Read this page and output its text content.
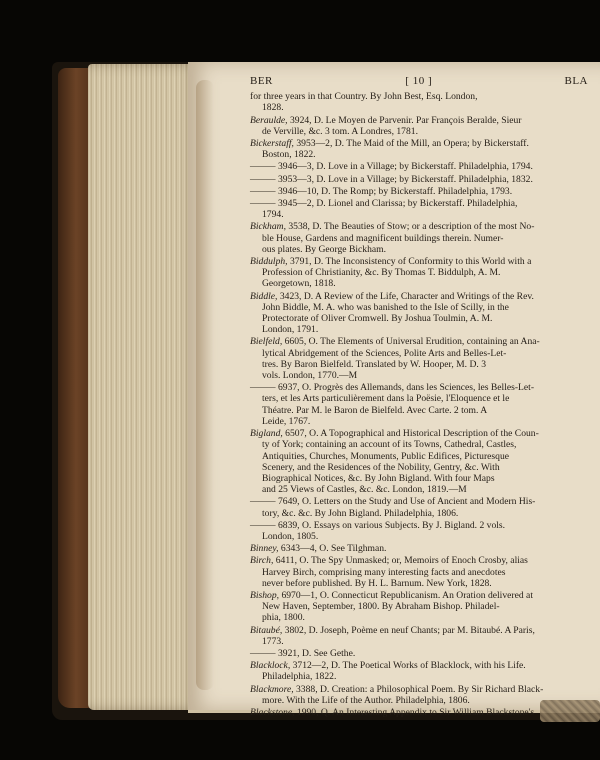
BER	[ 10 ]	BLA
for three years in that Country. By John Best, Esq. London,
1828.
Beraulde, 3924, D. Le Moyen de Parvenir. Par François Beralde, Sieur
de Verville, &c. 3 tom. A Londres, 1781.
Bickerstaff, 3953—2, D. The Maid of the Mill, an Opera; by Bickerstaff.
Boston, 1822.
——— 3946—3, D. Love in a Village; by Bickerstaff. Philadelphia, 1794.
——— 3953—3, D. Love in a Village; by Bickerstaff. Philadelphia, 1832.
——— 3946—10, D. The Romp; by Bickerstaff. Philadelphia, 1793.
——— 3945—2, D. Lionel and Clarissa; by Bickerstaff. Philadelphia,
1794.
Bickham, 3538, D. The Beauties of Stow; or a description of the most No-
ble House, Gardens and magnificent buildings therein. Numer-
ous plates. By George Bickham.
Biddulph, 3791, D. The Inconsistency of Conformity to this World with a
Profession of Christianity, &c. By Thomas T. Biddulph, A. M.
Georgetown, 1818.
Biddle, 3423, D. A Review of the Life, Character and Writings of the Rev.
John Biddle, M. A. who was banished to the Isle of Scilly, in the
Protectorate of Oliver Cromwell. By Joshua Toulmin, A. M.
London, 1791.
Bielfeld, 6605, O. The Elements of Universal Erudition, containing an Ana-
lytical Abridgement of the Sciences, Polite Arts and Belles-Let-
tres. By Baron Bielfeld. Translated by W. Hooper, M. D. 3
vols. London, 1770.—M
——— 6937, O. Progrès des Allemands, dans les Sciences, les Belles-Let-
ters, et les Arts particulièrement dans la Poësie, l'Eloquence et le
Théatre. Par M. le Baron de Bielfeld. Avec Carte. 2 tom. A
Leide, 1767.
Bigland, 6507, O. A Topographical and Historical Description of the Coun-
ty of York; containing an account of its Towns, Cathedral, Castles,
Antiquities, Churches, Monuments, Public Edifices, Picturesque
Scenery, and the Residences of the Nobility, Gentry, &c. With
Biographical Notices, &c. By John Bigland. With four Maps
and 25 Views of Castles, &c. &c. London, 1819.—M
——— 7649, O. Letters on the Study and Use of Ancient and Modern His-
tory, &c. &c. By John Bigland. Philadelphia, 1806.
——— 6839, O. Essays on various Subjects. By J. Bigland. 2 vols.
London, 1805.
Binney, 6343—4, O. See Tilghman.
Birch, 6411, O. The Spy Unmasked; or, Memoirs of Enoch Crosby, alias
Harvey Birch, comprising many interesting facts and anecdotes
never before published. By H. L. Barnum. New York, 1828.
Bishop, 6970—1, O. Connecticut Republicanism. An Oration delivered at
New Haven, September, 1800. By Abraham Bishop. Philadel-
phia, 1800.
Bitaubé, 3802, D. Joseph, Poème en neuf Chants; par M. Bitaubé. A Paris,
1773.
——— 3921, D. See Gethe.
Blacklock, 3712—2, D. The Poetical Works of Blacklock, with his Life.
Philadelphia, 1822.
Blackmore, 3388, D. Creation: a Philosophical Poem. By Sir Richard Black-
more. With the Life of the Author. Philadelphia, 1806.
Blackstone, 1990, Q. An Interesting Appendix to Sir William Blackstone's
